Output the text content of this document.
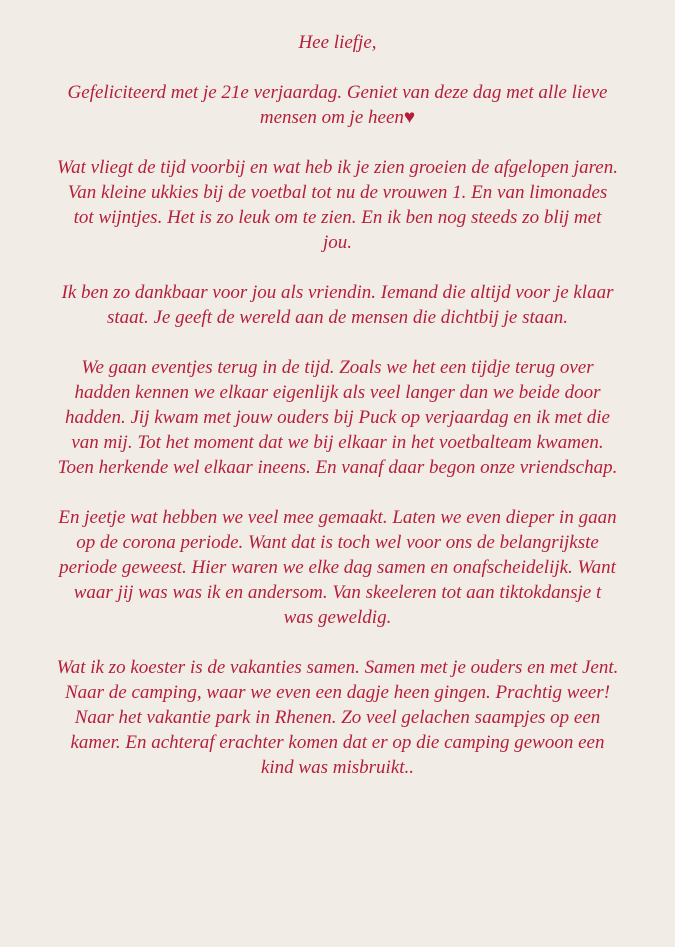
Hee liefje,

Gefeliciteerd met je 21e verjaardag. Geniet van deze dag met alle lieve
mensen om je heen♥

Wat vliegt de tijd voorbij en wat heb ik je zien groeien de afgelopen jaren.
Van kleine ukkies bij de voetbal tot nu de vrouwen 1. En van limonades
tot wijntjes. Het is zo leuk om te zien. En ik ben nog steeds zo blij met
jou.

Ik ben zo dankbaar voor jou als vriendin. Iemand die altijd voor je klaar
staat. Je geeft de wereld aan de mensen die dichtbij je staan.

We gaan eventjes terug in de tijd. Zoals we het een tijdje terug over
hadden kennen we elkaar eigenlijk als veel langer dan we beide door
hadden. Jij kwam met jouw ouders bij Puck op verjaardag en ik met die
van mij. Tot het moment dat we bij elkaar in het voetbalteam kwamen.
Toen herkende wel elkaar ineens. En vanaf daar begon onze vriendschap.

En jeetje wat hebben we veel mee gemaakt. Laten we even dieper in gaan
op de corona periode. Want dat is toch wel voor ons de belangrijkste
periode geweest. Hier waren we elke dag samen en onafscheidelijk. Want
waar jij was was ik en andersom. Van skeeleren tot aan tiktokdansje t
was geweldig.

Wat ik zo koester is de vakanties samen. Samen met je ouders en met Jent.
Naar de camping, waar we even een dagje heen gingen. Prachtig weer!
Naar het vakantie park in Rhenen. Zo veel gelachen saampjes op een
kamer. En achteraf erachter komen dat er op die camping gewoon een
kind was misbruikt..
